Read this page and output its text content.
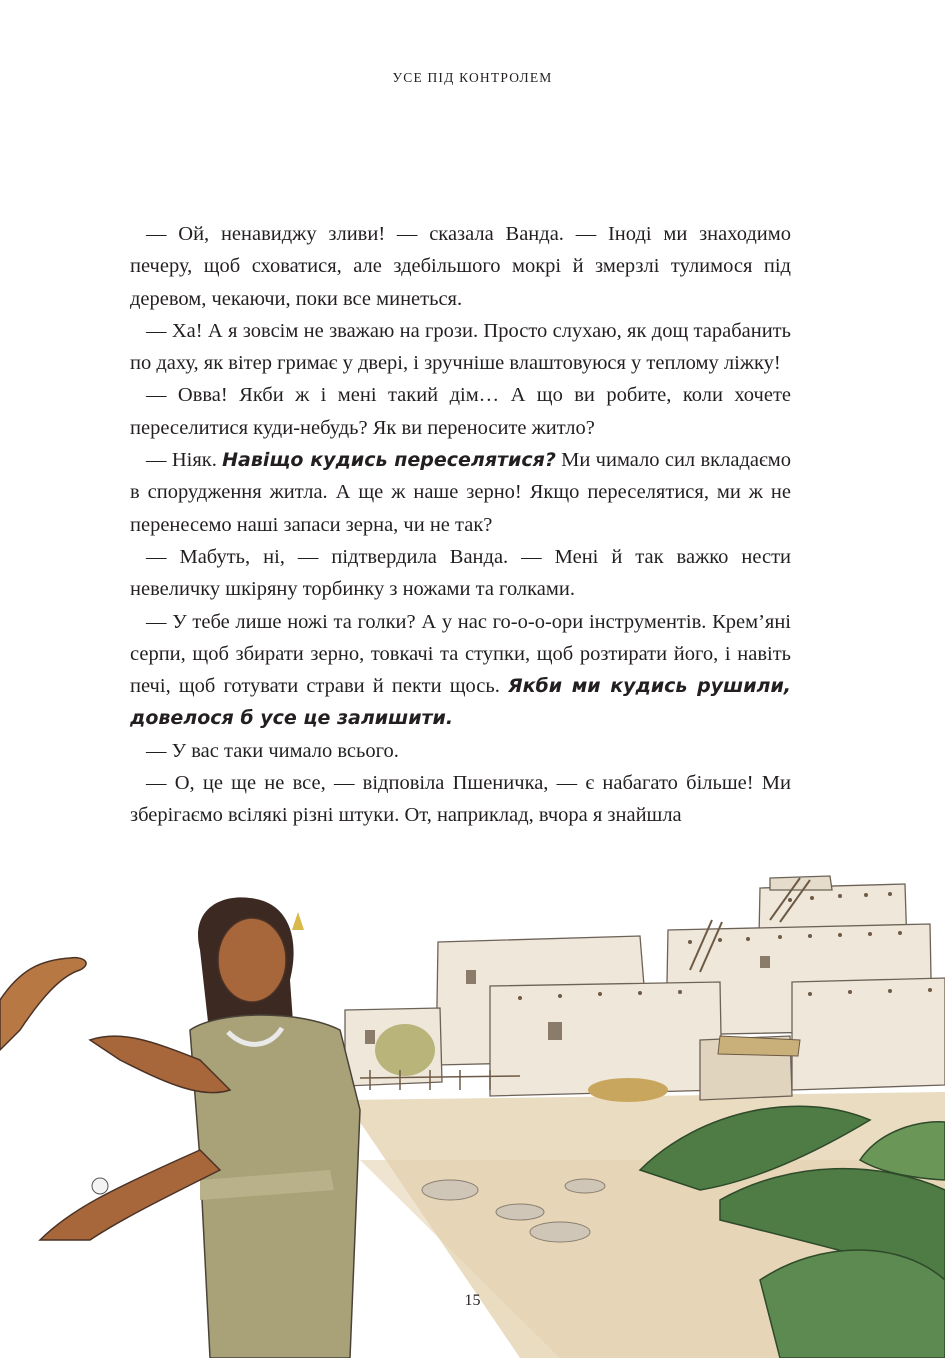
УСЕ ПІД КОНТРОЛЕМ

— Ой, ненавиджу зливи! — сказала Ванда. — Іноді ми знаходимо печеру, щоб сховатися, але здебільшого мокрі й змерзлі тулимося під деревом, чекаючи, поки все минеться.

— Ха! А я зовсім не зважаю на грози. Просто слухаю, як дощ тарабанить по даху, як вітер гримає у двері, і зручніше влаштовуюся у теплому ліжку!

— Овва! Якби ж і мені такий дім… А що ви робите, коли хочете переселитися куди-небудь? Як ви переносите житло?

— Ніяк. Навіщо кудись переселятися? Ми чимало сил вкладаємо в спорудження житла. А ще ж наше зерно! Якщо переселятися, ми ж не перенесемо наші запаси зерна, чи не так?

— Мабуть, ні, — підтвердила Ванда. — Мені й так важко нести невеличку шкіряну торбинку з ножами та голками.

— У тебе лише ножі та голки? А у нас го-о-о-ори інструментів. Крем’яні серпи, щоб збирати зерно, товкачі та ступки, щоб розтирати його, і навіть печі, щоб готувати страви й пекти щось. Якби ми кудись рушили, довелося б усе це залишити.

— У вас таки чимало всього.

— О, це ще не все, — відповіла Пшеничка, — є набагато більше! Ми зберігаємо всілякі різні штуки. От, наприклад, вчора я знайшла

15
